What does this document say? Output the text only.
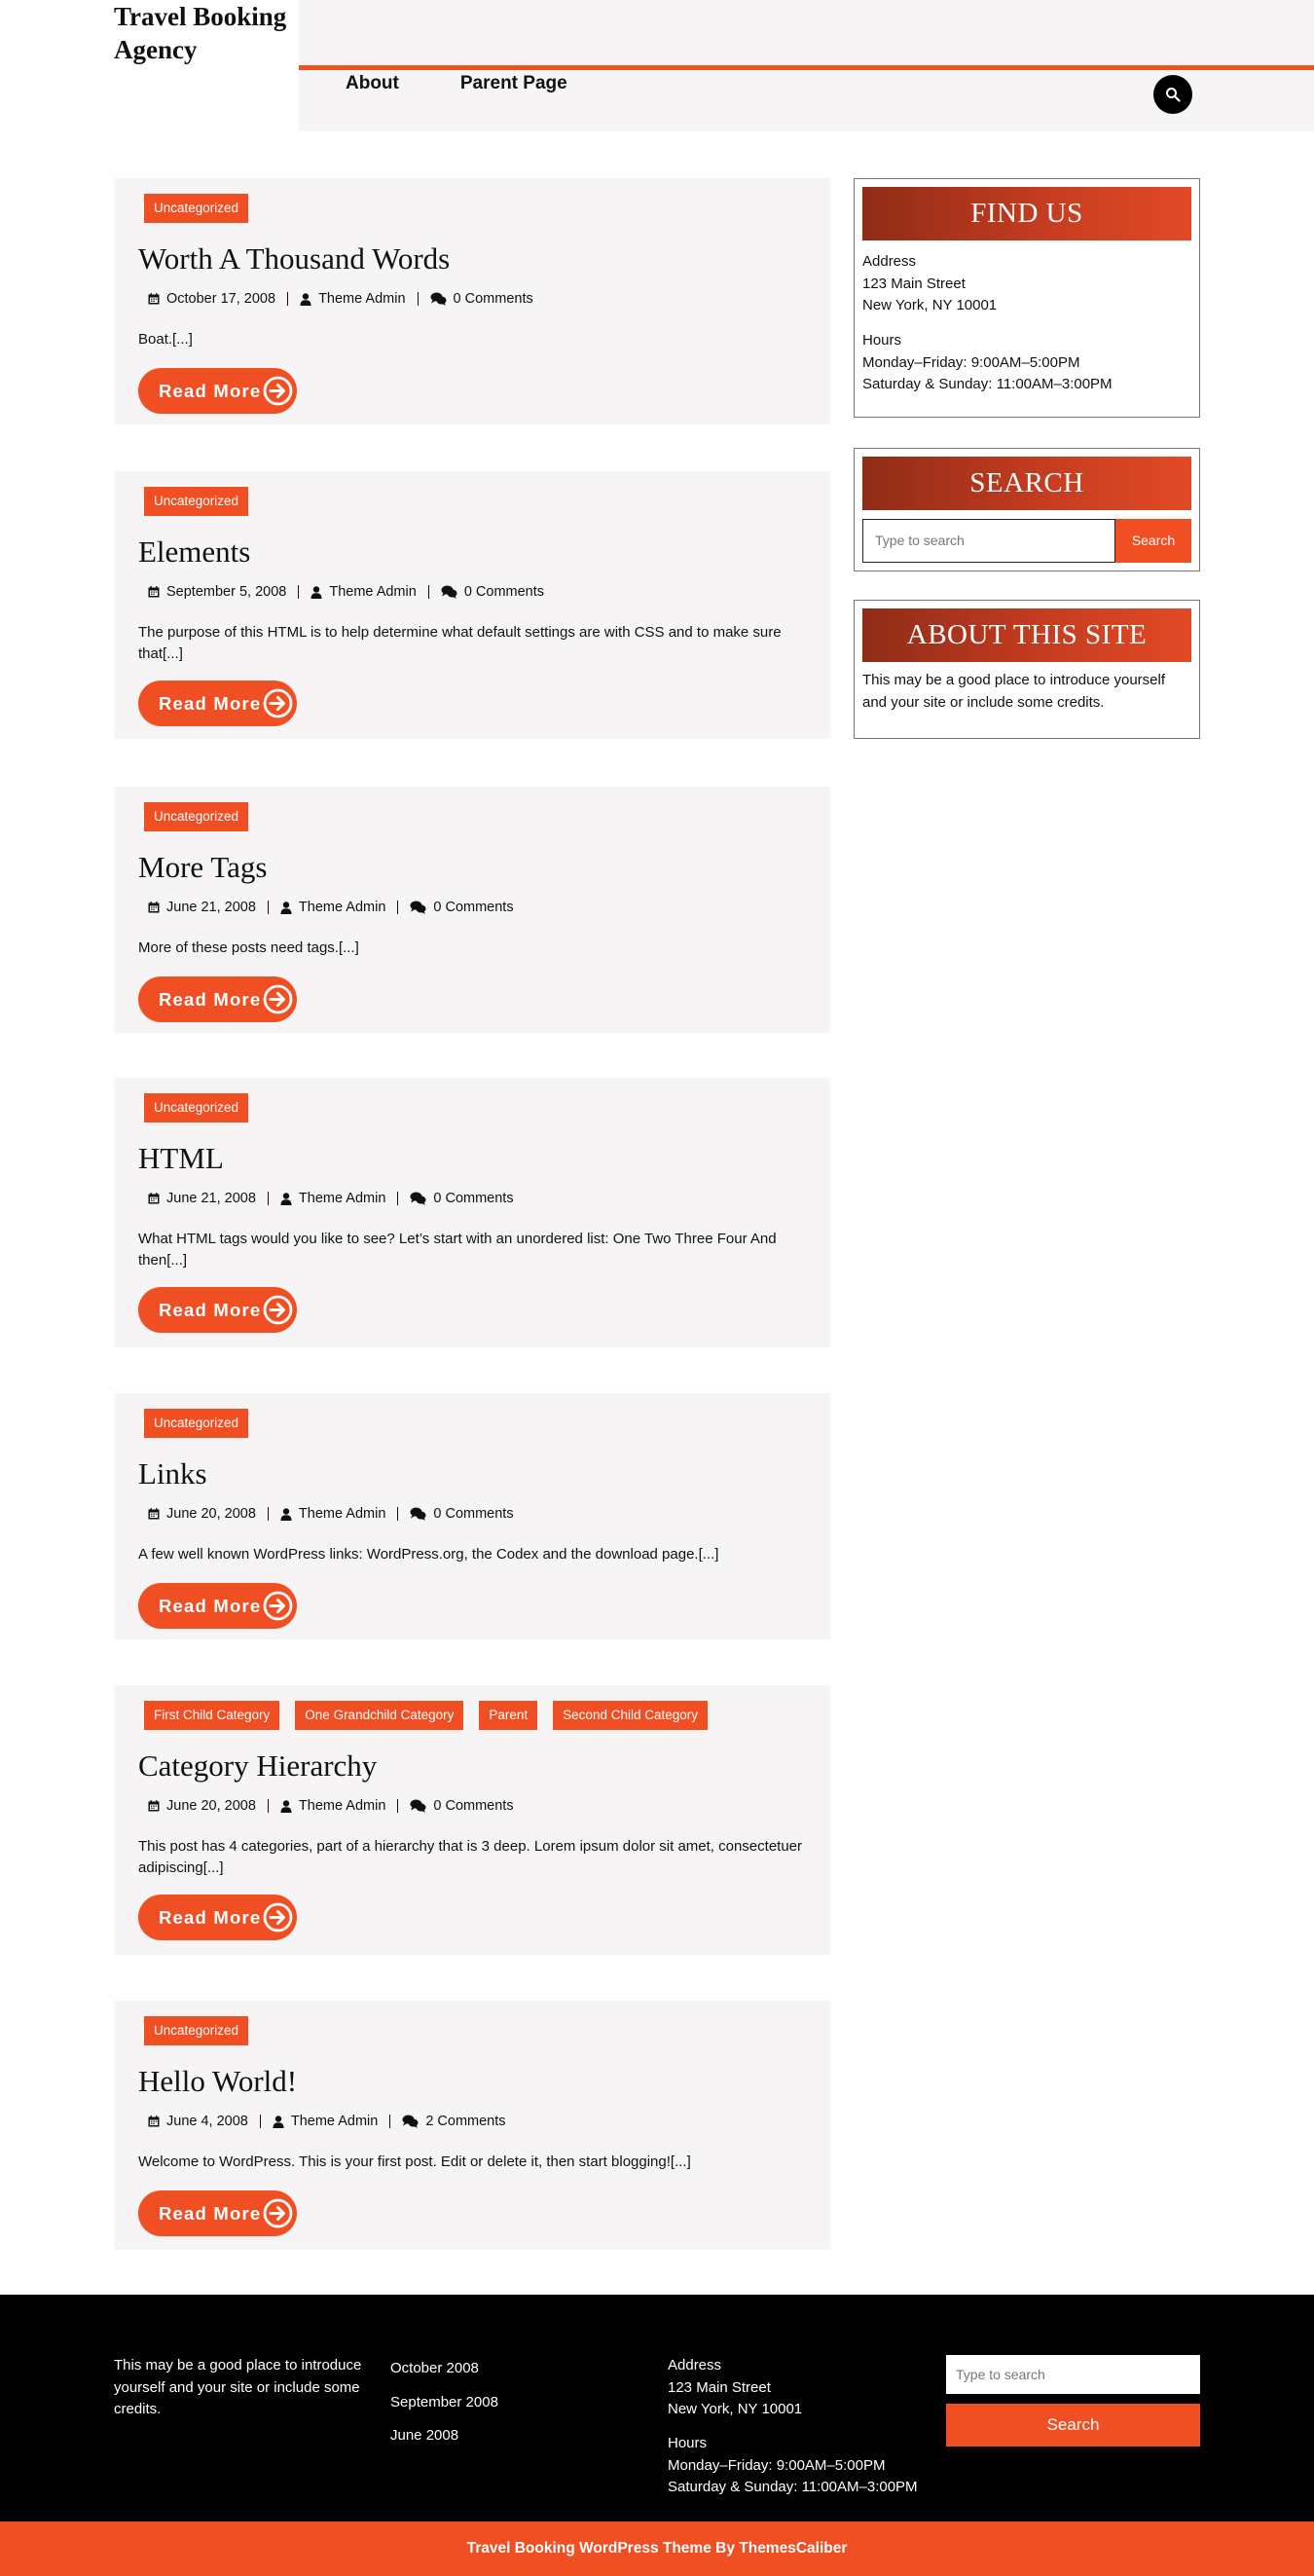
Travel Booking Agency
About	Parent Page
Uncategorized
Worth A Thousand Words
October 17, 2008	Theme Admin	0 Comments

Boat.[...]

Read More
Uncategorized
Elements
September 5, 2008	Theme Admin	0 Comments

The purpose of this HTML is to help determine what default settings are with CSS and to make sure that[...]

Read More
Uncategorized
More Tags
June 21, 2008	Theme Admin	0 Comments

More of these posts need tags.[...]

Read More
Uncategorized
HTML
June 21, 2008	Theme Admin	0 Comments

What HTML tags would you like to see? Let’s start with an unordered list: One Two Three Four And then[...]

Read More
Uncategorized
Links
June 20, 2008	Theme Admin	0 Comments

A few well known WordPress links: WordPress.org, the Codex and the download page.[...]

Read More
First Child Category	One Grandchild Category	Parent	Second Child Category
Category Hierarchy
June 20, 2008	Theme Admin	0 Comments

This post has 4 categories, part of a hierarchy that is 3 deep. Lorem ipsum dolor sit amet, consectetuer adipiscing[...]

Read More
Uncategorized
Hello World!
June 4, 2008	Theme Admin	2 Comments

Welcome to WordPress. This is your first post. Edit or delete it, then start blogging![...]

Read More
FIND US
Address
123 Main Street
New York, NY 10001
Hours
Monday–Friday: 9:00AM–5:00PM
Saturday & Sunday: 11:00AM–3:00PM
SEARCH
Type to search	Search
ABOUT THIS SITE
This may be a good place to introduce yourself
and your site or include some credits.
This may be a good place to introduce
yourself and your site or include some
credits.
October 2008
September 2008
June 2008
Address
123 Main Street
New York, NY 10001
Hours
Monday–Friday: 9:00AM–5:00PM
Saturday & Sunday: 11:00AM–3:00PM
Type to search
Search
Travel Booking WordPress Theme By ThemesCaliber
